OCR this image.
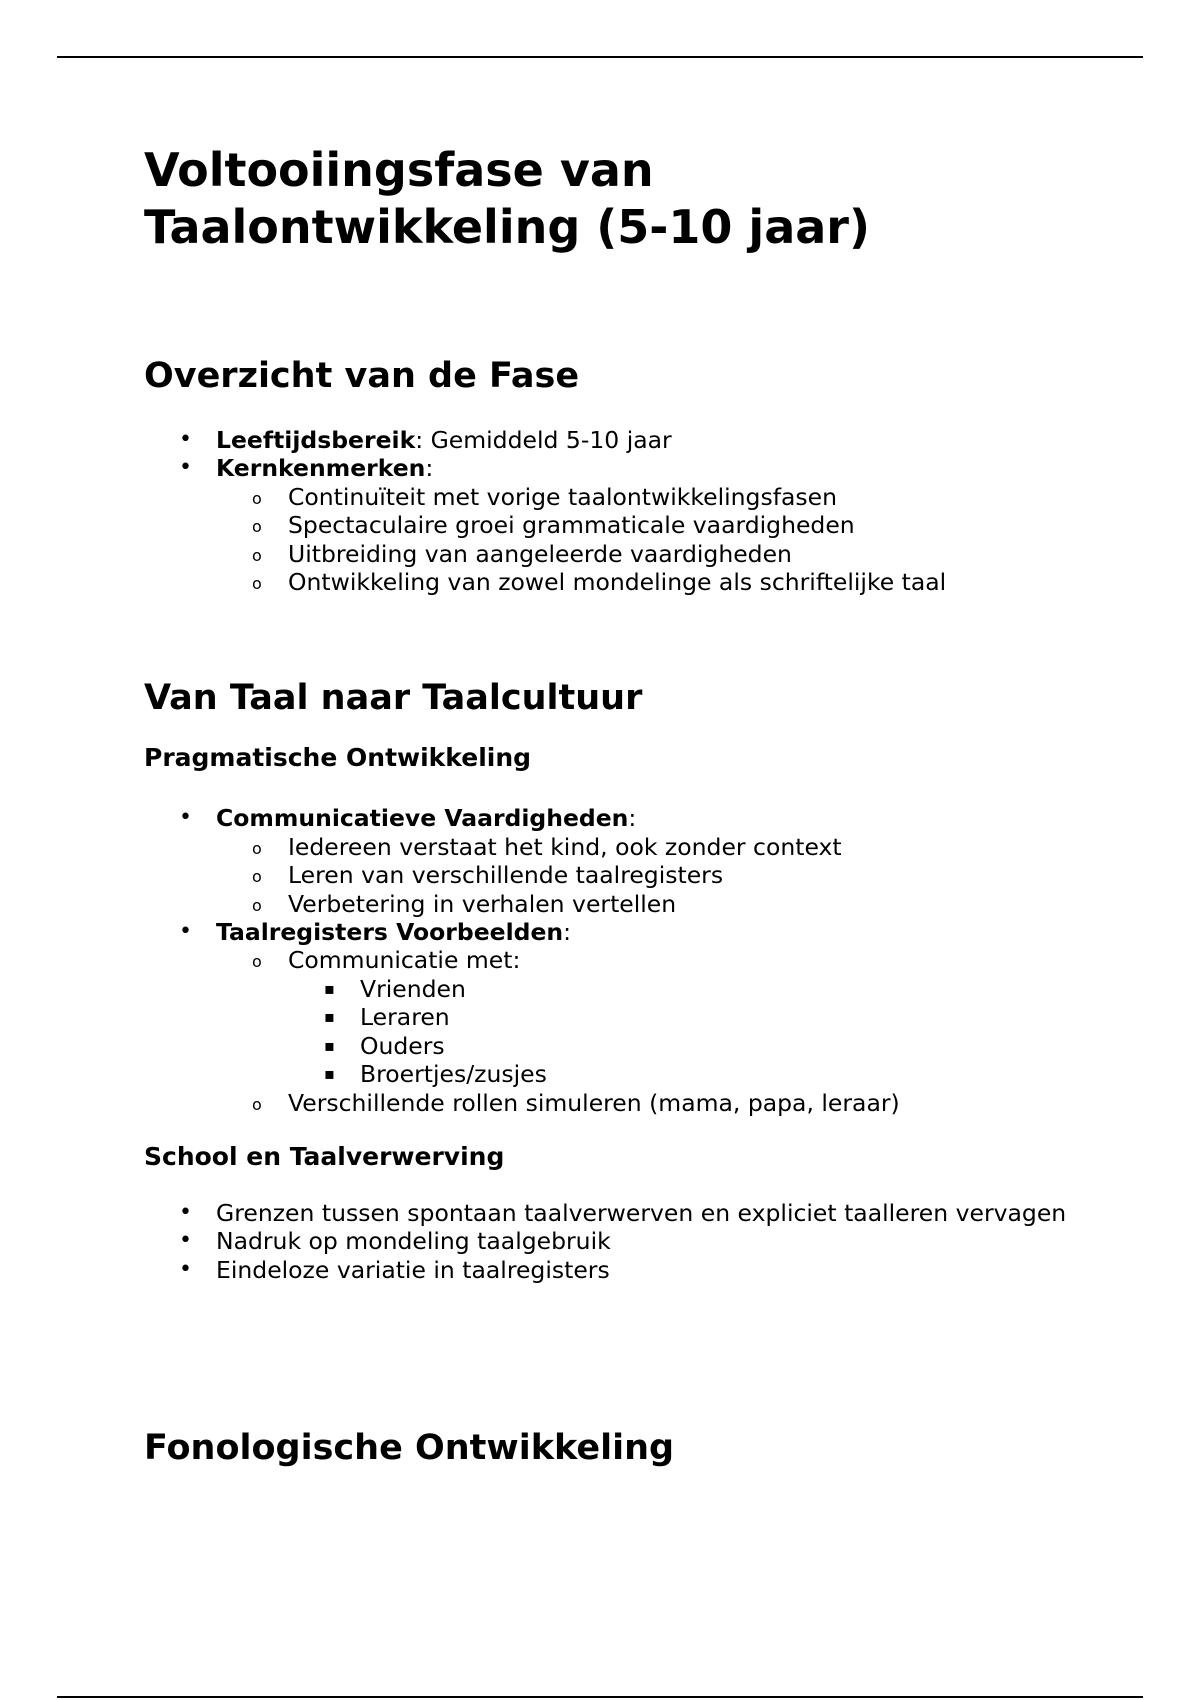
Voltooiingsfase van Taalontwikkeling (5-10 jaar)
Overzicht van de Fase
• Leeftijdsbereik: Gemiddeld 5-10 jaar
• Kernkenmerken:
o Continuïteit met vorige taalontwikkelingsfasen
o Spectaculaire groei grammaticale vaardigheden
o Uitbreiding van aangeleerde vaardigheden
o Ontwikkeling van zowel mondelinge als schriftelijke taal
Van Taal naar Taalcultuur
Pragmatische Ontwikkeling
• Communicatieve Vaardigheden:
o Iedereen verstaat het kind, ook zonder context
o Leren van verschillende taalregisters
o Verbetering in verhalen vertellen
• Taalregisters Voorbeelden:
o Communicatie met:
▪ Vrienden
▪ Leraren
▪ Ouders
▪ Broertjes/zusjes
o Verschillende rollen simuleren (mama, papa, leraar)
School en Taalverwerving
• Grenzen tussen spontaan taalverwerven en expliciet taalleren vervagen
• Nadruk op mondeling taalgebruik
• Eindeloze variatie in taalregisters
Fonologische Ontwikkeling
